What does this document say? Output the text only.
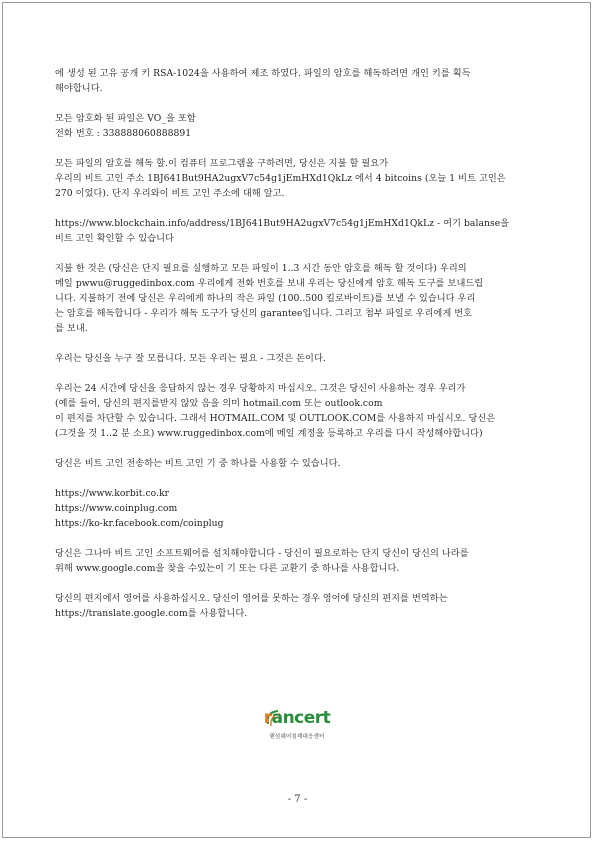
에 생성 된 고유 공개 키 RSA-1024을 사용하여 제조 하였다. 파일의 암호를 해독하려면 개인 키를 획득
해야합니다.

모든 암호화 된 파일은 VO_을 포함
전화 번호 : 338888060888891

모든 파일의 암호를 해독 할.이 컴퓨터 프로그램을 구하려면, 당신은 지불 할 필요가
우리의 비트 고인 주소 1BJ641But9HA2ugxV7c54g1jEmHXd1QkLz 에서 4 bitcoins (오늘 1 비트 고인은
270 이었다). 단지 우리와이 비트 고인 주소에 대해 알고.

https://www.blockchain.info/address/1BJ641But9HA2ugxV7c54g1jEmHXd1QkLz - 여기 balanse을
비트 고인 확인할 수 있습니다

지불 한 것은 (당신은 단지 필요를 실행하고 모든 파일이 1..3 시간 동안 암호를 해독 할 것이다) 우리의
메일 pwwu@ruggedinbox.com 우리에게 전화 번호를 보내 우리는 당신에게 암호 해독 도구를 보내드립
니다. 지불하기 전에 당신은 우리에게 하나의 작은 파일 (100..500 킬로바이트)를 보낼 수 있습니다 우리
는 암호를 해독합니다 - 우리가 해독 도구가 당신의 garantee입니다. 그리고 첨부 파일로 우리에게 번호
를 보내.

우리는 당신을 누구 잘 모릅니다. 모든 우리는 필요 - 그것은 돈이다.

우리는 24 시간에 당신을 응답하지 않는 경우 당황하지 마십시오. 그것은 당신이 사용하는 경우 우리가
(예를 들어, 당신의 편지를받지 않았 음을 의미 hotmail.com 또는 outlook.com
이 편지를 차단할 수 있습니다. 그래서 HOTMAIL.COM 및 OUTLOOK.COM를 사용하지 마십시오. 당신은
(그것을 것 1..2 분 소요) www.ruggedinbox.com에 메일 계정을 등록하고 우리를 다시 작성해야합니다)

당신은 비트 고인 전송하는 비트 고인 기 중 하나를 사용할 수 있습니다.

https://www.korbit.co.kr
https://www.coinplug.com
https://ko-kr.facebook.com/coinplug

당신은 그나마 비트 고인 소프트웨어를 설치해야합니다 - 당신이 필요로하는 단지 당신이 당신의 나라를
위해 www.google.com을 찾을 수있는이 기 또는 다른 교환기 중 하나를 사용합니다.

당신의 편지에서 영어를 사용하십시오. 당신이 영어를 못하는 경우 영어에 당신의 편지를 번역하는
https://translate.google.com를 사용합니다.

rancert
랜섬웨어침해대응센터
- 7 -
